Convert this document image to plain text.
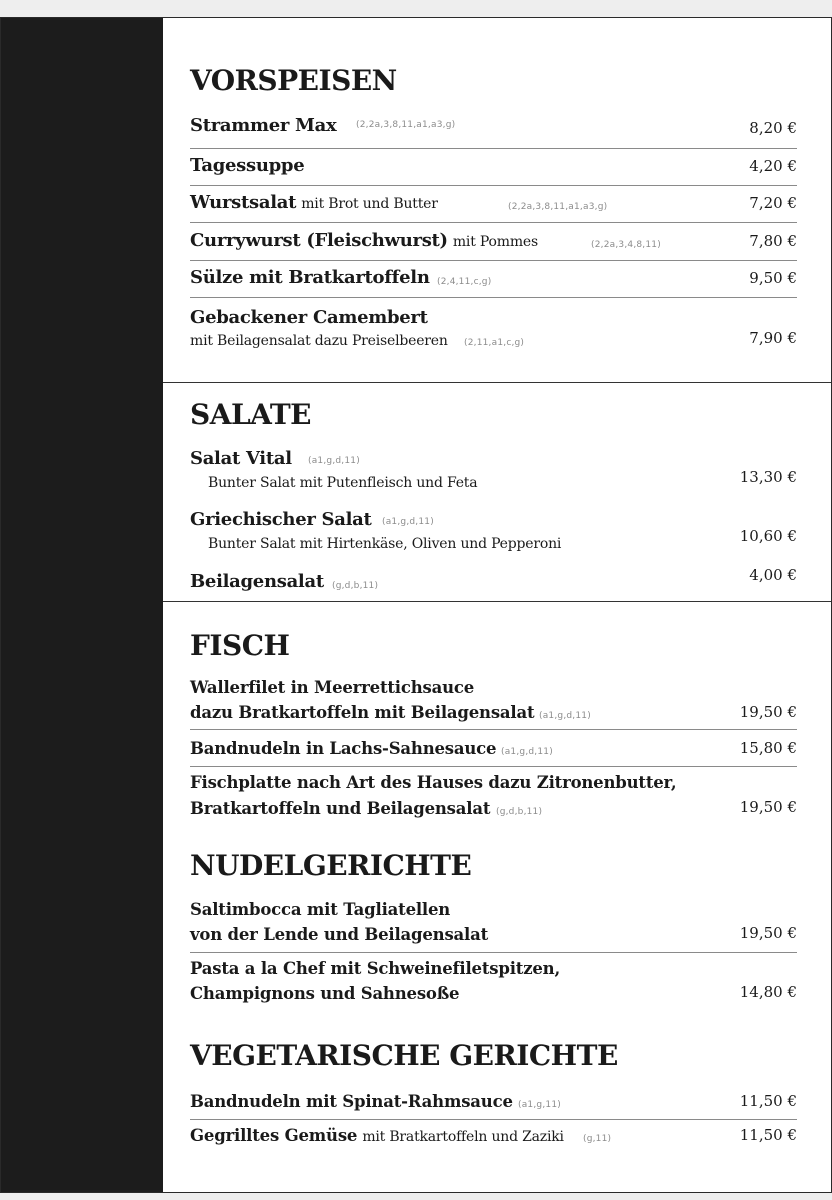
VORSPEISEN
Strammer Max (2,2a,3,8,11,a1,a3,g)	8,20 €
Tagessuppe	4,20 €
Wurstsalat mit Brot und Butter	(2,2a,3,8,11,a1,a3,g)	7,20 €
Currywurst (Fleischwurst) mit Pommes	(2,2a,3,4,8,11)	7,80 €
Sülze mit Bratkartoffeln (2,4,11,c,g)	9,50 €
Gebackener Camembert
mit Beilagensalat dazu Preiselbeeren (2,11,a1,c,g)	7,90 €
SALATE
Salat Vital (a1,g,d,11)
Bunter Salat mit Putenfleisch und Feta	13,30 €
Griechischer Salat (a1,g,d,11)
Bunter Salat mit Hirtenkäse, Oliven und Pepperoni	10,60 €
Beilagensalat (g,d,b,11)
4,00 €
FISCH
Wallerfilet in Meerrettichsauce
dazu Bratkartoffeln mit Beilagensalat (a1,g,d,11)	19,50 €
Bandnudeln in Lachs-Sahnesauce (a1,g,d,11)	15,80 €
Fischplatte nach Art des Hauses dazu Zitronenbutter,
Bratkartoffeln und Beilagensalat (g,d,b,11)	19,50 €
NUDELGERICHTE
Saltimbocca mit Tagliatellen
von der Lende und Beilagensalat	19,50 €
Pasta a la Chef mit Schweinefiletspitzen,
Champignons und Sahnesoße	14,80 €
VEGETARISCHE GERICHTE
Bandnudeln mit Spinat-Rahmsauce (a1,g,11)	11,50 €
Gegrilltes Gemüse mit Bratkartoffeln und Zaziki (g,11)	11,50 €
